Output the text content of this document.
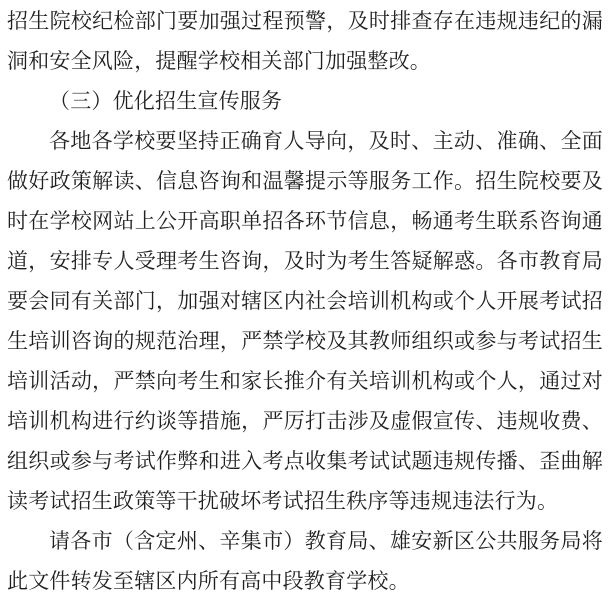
招生院校纪检部门要加强过程预警，及时排查存在违规违纪的漏洞和安全风险，提醒学校相关部门加强整改。

（三）优化招生宣传服务

各地各学校要坚持正确育人导向，及时、主动、准确、全面做好政策解读、信息咨询和温馨提示等服务工作。招生院校要及时在学校网站上公开高职单招各环节信息，畅通考生联系咨询通道，安排专人受理考生咨询，及时为考生答疑解惑。各市教育局要会同有关部门，加强对辖区内社会培训机构或个人开展考试招生培训咨询的规范治理，严禁学校及其教师组织或参与考试招生培训活动，严禁向考生和家长推介有关培训机构或个人，通过对培训机构进行约谈等措施，严厉打击涉及虚假宣传、违规收费、组织或参与考试作弊和进入考点收集考试试题违规传播、歪曲解读考试招生政策等干扰破坏考试招生秩序等违规违法行为。

请各市（含定州、辛集市）教育局、雄安新区公共服务局将此文件转发至辖区内所有高中段教育学校。
